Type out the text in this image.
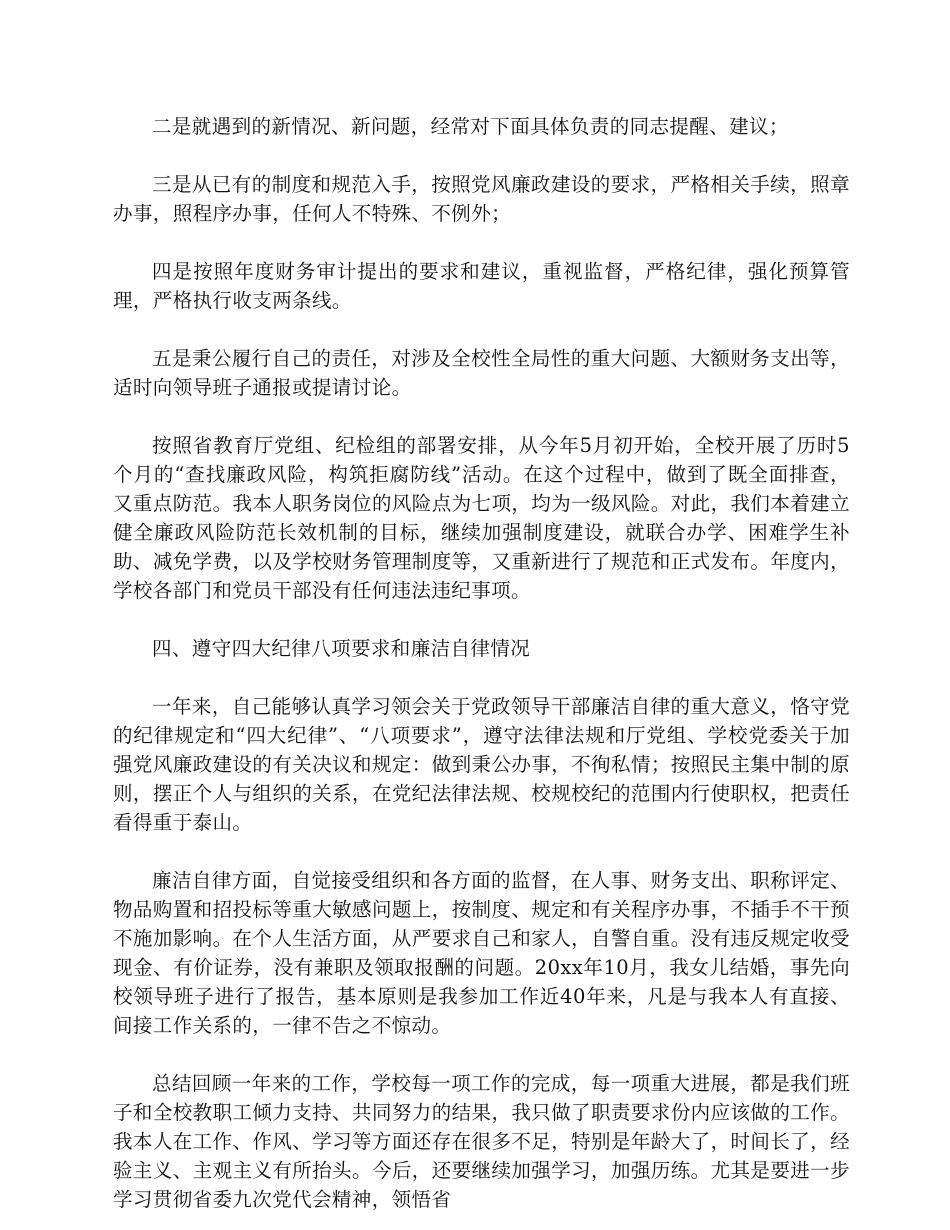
二是就遇到的新情况、新问题，经常对下面具体负责的同志提醒、建议；

三是从已有的制度和规范入手，按照党风廉政建设的要求，严格相关手续，照章办事，照程序办事，任何人不特殊、不例外；

四是按照年度财务审计提出的要求和建议，重视监督，严格纪律，强化预算管理，严格执行收支两条线。

五是秉公履行自己的责任，对涉及全校性全局性的重大问题、大额财务支出等，适时向领导班子通报或提请讨论。

按照省教育厅党组、纪检组的部署安排，从今年5月初开始，全校开展了历时5个月的“查找廉政风险，构筑拒腐防线”活动。在这个过程中，做到了既全面排查，又重点防范。我本人职务岗位的风险点为七项，均为一级风险。对此，我们本着建立健全廉政风险防范长效机制的目标，继续加强制度建设，就联合办学、困难学生补助、减免学费，以及学校财务管理制度等，又重新进行了规范和正式发布。年度内，学校各部门和党员干部没有任何违法违纪事项。

四、遵守四大纪律八项要求和廉洁自律情况

一年来，自己能够认真学习领会关于党政领导干部廉洁自律的重大意义，恪守党的纪律规定和“四大纪律”、“八项要求”，遵守法律法规和厅党组、学校党委关于加强党风廉政建设的有关决议和规定：做到秉公办事，不徇私情；按照民主集中制的原则，摆正个人与组织的关系，在党纪法律法规、校规校纪的范围内行使职权，把责任看得重于泰山。

廉洁自律方面，自觉接受组织和各方面的监督，在人事、财务支出、职称评定、物品购置和招投标等重大敏感问题上，按制度、规定和有关程序办事，不插手不干预不施加影响。在个人生活方面，从严要求自己和家人，自警自重。没有违反规定收受现金、有价证券，没有兼职及领取报酬的问题。20xx年10月，我女儿结婚，事先向校领导班子进行了报告，基本原则是我参加工作近40年来，凡是与我本人有直接、间接工作关系的，一律不告之不惊动。

总结回顾一年来的工作，学校每一项工作的完成，每一项重大进展，都是我们班子和全校教职工倾力支持、共同努力的结果，我只做了职责要求份内应该做的工作。我本人在工作、作风、学习等方面还存在很多不足，特别是年龄大了，时间长了，经验主义、主观主义有所抬头。今后，还要继续加强学习，加强历练。尤其是要进一步学习贯彻省委九次党代会精神，领悟省
